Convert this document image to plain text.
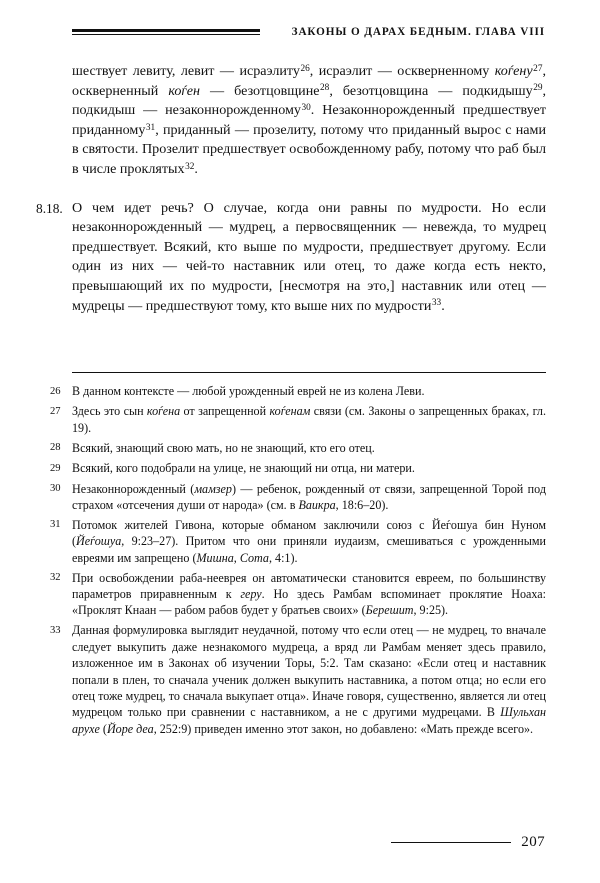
ЗАКОНЫ О ДАРАХ БЕДНЫМ. ГЛАВА VIII

шествует левиту, левит — исраэлиту$^{26}$, исраэлит — оскверненному коѓену$^{27}$, оскверненный коѓен — безотцовщине$^{28}$, безотцовщина — подкидышу$^{29}$, подкидыш — незаконнорожденному$^{30}$. Незаконнорожденный предшествует приданному$^{31}$, приданный — прозелиту, потому что приданный вырос с нами в святости. Прозелит предшествует освобожденному рабу, потому что раб был в числе проклятых$^{32}$.

8.18. О чем идет речь? О случае, когда они равны по мудрости. Но если незаконнорожденный — мудрец, а первосвященник — невежда, то мудрец предшествует. Всякий, кто выше по мудрости, предшествует другому. Если один из них — чей-то наставник или отец, то даже когда есть некто, превышающий их по мудрости, [несмотря на это,] наставник или отец — мудрецы — предшествуют тому, кто выше них по мудрости$^{33}$.

26 В данном контексте — любой урожденный еврей не из колена Леви.
27 Здесь это сын коѓена от запрещенной коѓенам связи (см. Законы о запрещенных браках, гл. 19).
28 Всякий, знающий свою мать, но не знающий, кто его отец.
29 Всякий, кого подобрали на улице, не знающий ни отца, ни матери.
30 Незаконнорожденный (мамзер) — ребенок, рожденный от связи, запрещенной Торой под страхом «отсечения души от народа» (см. в Ваикра, 18:6–20).
31 Потомок жителей Гивона, которые обманом заключили союз с Йеѓошуа бин Нуном (Йеѓошуа, 9:23–27). Притом что они приняли иудаизм, смешиваться с урожденными евреями им запрещено (Мишна, Сота, 4:1).
32 При освобождении раба-нееврея он автоматически становится евреем, по большинству параметров приравненным к геру. Но здесь Рамбам вспоминает проклятие Ноаха: «Проклят Кнаан — рабом рабов будет у братьев своих» (Берешит, 9:25).
33 Данная формулировка выглядит неудачной, потому что если отец — не мудрец, то вначале следует выкупить даже незнакомого мудреца, а вряд ли Рамбам меняет здесь правило, изложенное им в Законах об изучении Торы, 5:2. Там сказано: «Если отец и наставник попали в плен, то сначала ученик должен выкупить наставника, а потом отца; но если его отец тоже мудрец, то сначала выкупает отца». Иначе говоря, существенно, является ли отец мудрецом только при сравнении с наставником, а не с другими мудрецами. В Шульхан арухе (Йоре деа, 252:9) приведен именно этот закон, но добавлено: «Мать прежде всего».
207
